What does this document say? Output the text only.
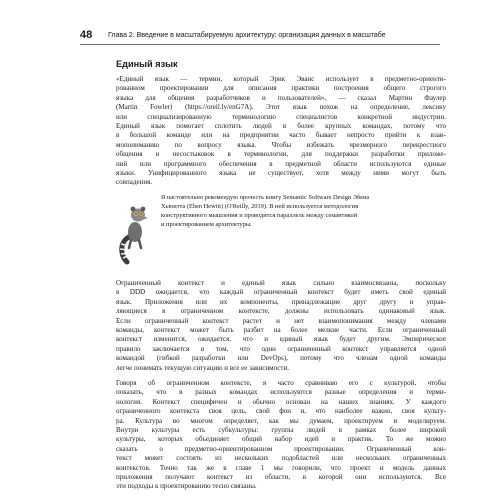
48 Глава 2. Введение в масштабируемую архитектуру: организация данных в масштабе
Единый язык

«Единый язык — термин, который Эрик Эванс использует в предметно-ориенти-
рованном проектировании для описания практики построения общего строгого
языка для общения разработчиков и пользователей», — сказал Мартин Фаулер
(Martin Fowler) (https://oreil.ly/enG7A). Этот язык похож на определение, лексику
или специализированную терминологию специалистов конкретной индустрии.
Единый язык помогает сплотить людей в более крупных командах, потому что
в большой команде или на предприятии часто бывает непросто прийти к взаи-
мопониманию по вопросу языка. Чтобы избежать чрезмерного перекрестного
общения и несостыковок в терминологии, для поддержки разработки приложе-
ний или программного обеспечения в предметной области используются единые
языки. Унифицированного языка не существует, хотя между ними могут быть
совпадения.

Я настоятельно рекомендую прочесть книгу Semantic Software Design Эбена
Хьюитта (Eben Hewitt) (O'Reilly, 2019). В ней используется методология
конструктивного мышления и проводится параллель между семантикой
и проектированием архитектуры.

Ограниченный контекст и единый язык сильно взаимосвязаны, поскольку
в DDD ожидается, что каждый ограниченный контекст будет иметь свой единый
язык. Приложения или их компоненты, принадлежащие друг другу и управ-
ляющиеся в ограниченном контексте, должны использовать одинаковый язык.
Если ограниченный контекст растет и нет взаимопонимания между членами
команды, контекст может быть разбит на более мелкие части. Если ограниченный
контекст изменится, ожидается, что и единый язык будет другим. Эмпирическое
правило заключается в том, что один ограниченный контекст управляется одной
командой (гибкой разработки или DevOps), потому что членам одной команды
легче понимать текущую ситуацию и все ее зависимости.

Говоря об ограниченном контексте, я часто сравниваю его с культурой, чтобы
показать, что в разных командах используются разные определения и терми-
нология. Контекст специфичен и обычно основан на наших знаниях. У каждого
ограниченного контекста своя цель, свой фон и, что наиболее важно, своя культу-
ра. Культура во многом определяет, как мы думаем, проектируем и моделируем.
Внутри культуры есть субкультуры: группы людей в рамках более широкой
культуры, которых объединяет общий набор идей и практик. То же можно
сказать о предметно-ориентированном проектировании. Ограниченный кон-
текст может состоять из нескольких подобластей или нескольких ограниченных
контекстов. Точно так же в главе 1 мы говорили, что проект и модель данных
приложения получают контекст из области, в которой они используются. Все
эти подходы к проектированию тесно связаны.
